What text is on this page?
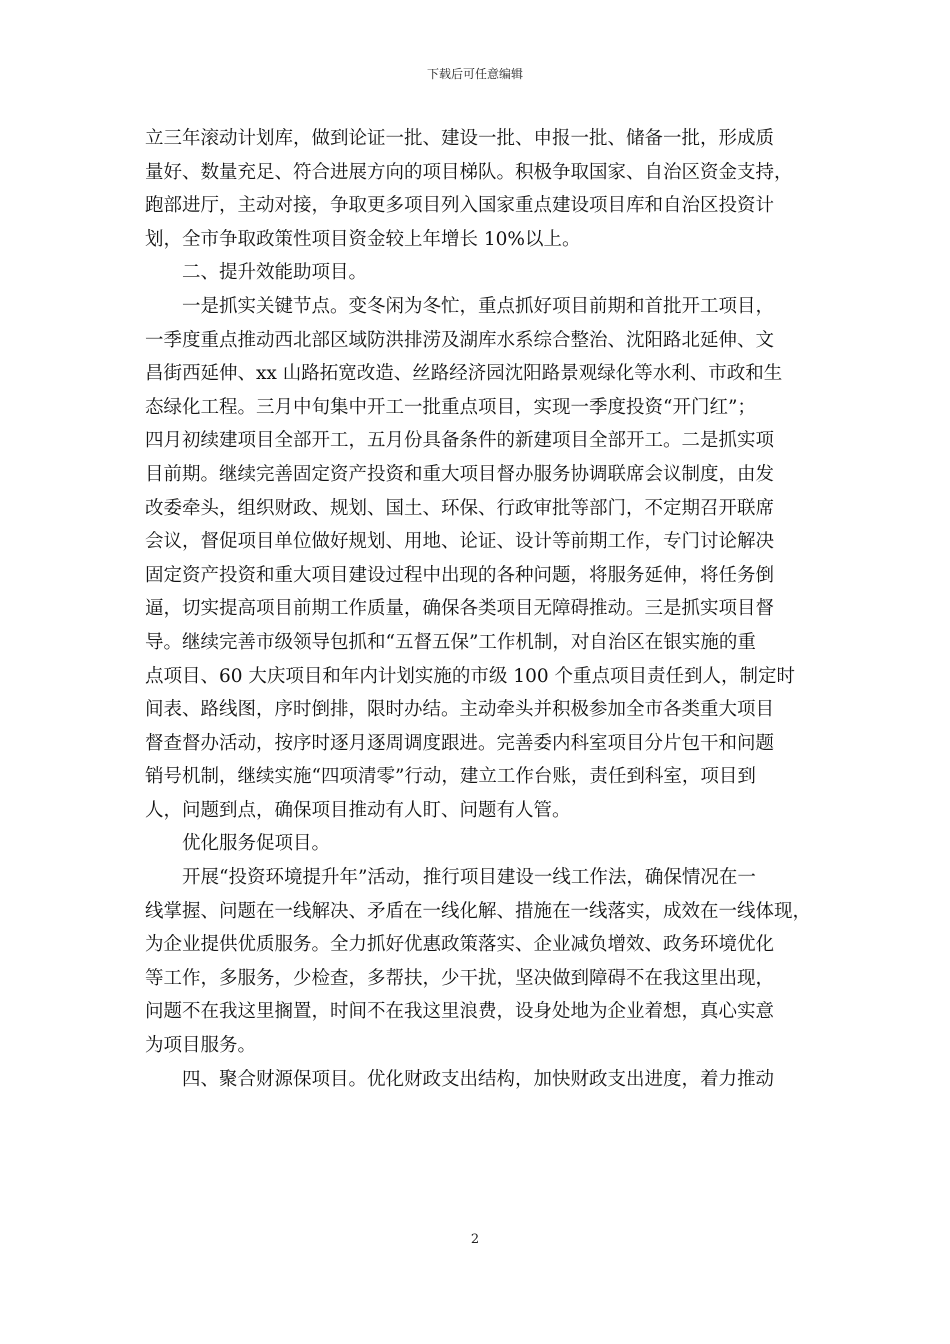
下载后可任意编辑
立三年滚动计划库，做到论证一批、建设一批、申报一批、储备一批，形成质
量好、数量充足、符合进展方向的项目梯队。积极争取国家、自治区资金支持，
跑部进厅，主动对接，争取更多项目列入国家重点建设项目库和自治区投资计
划，全市争取政策性项目资金较上年增长 10%以上。
　　二、提升效能助项目。
　　一是抓实关键节点。变冬闲为冬忙，重点抓好项目前期和首批开工项目，
一季度重点推动西北部区域防洪排涝及湖库水系综合整治、沈阳路北延伸、文
昌街西延伸、xx 山路拓宽改造、丝路经济园沈阳路景观绿化等水利、市政和生
态绿化工程。三月中旬集中开工一批重点项目，实现一季度投资“开门红”；
四月初续建项目全部开工，五月份具备条件的新建项目全部开工。二是抓实项
目前期。继续完善固定资产投资和重大项目督办服务协调联席会议制度，由发
改委牵头，组织财政、规划、国土、环保、行政审批等部门，不定期召开联席
会议，督促项目单位做好规划、用地、论证、设计等前期工作，专门讨论解决
固定资产投资和重大项目建设过程中出现的各种问题，将服务延伸，将任务倒
逼，切实提高项目前期工作质量，确保各类项目无障碍推动。三是抓实项目督
导。继续完善市级领导包抓和“五督五保”工作机制，对自治区在银实施的重
点项目、60 大庆项目和年内计划实施的市级 100 个重点项目责任到人，制定时
间表、路线图，序时倒排，限时办结。主动牵头并积极参加全市各类重大项目
督查督办活动，按序时逐月逐周调度跟进。完善委内科室项目分片包干和问题
销号机制，继续实施“四项清零”行动，建立工作台账，责任到科室，项目到
人，问题到点，确保项目推动有人盯、问题有人管。
　　优化服务促项目。
　　开展“投资环境提升年”活动，推行项目建设一线工作法，确保情况在一
线掌握、问题在一线解决、矛盾在一线化解、措施在一线落实，成效在一线体现，
为企业提供优质服务。全力抓好优惠政策落实、企业减负增效、政务环境优化
等工作，多服务，少检查，多帮扶，少干扰，坚决做到障碍不在我这里出现，
问题不在我这里搁置，时间不在我这里浪费，设身处地为企业着想，真心实意
为项目服务。
　　四、聚合财源保项目。优化财政支出结构，加快财政支出进度，着力推动
2
